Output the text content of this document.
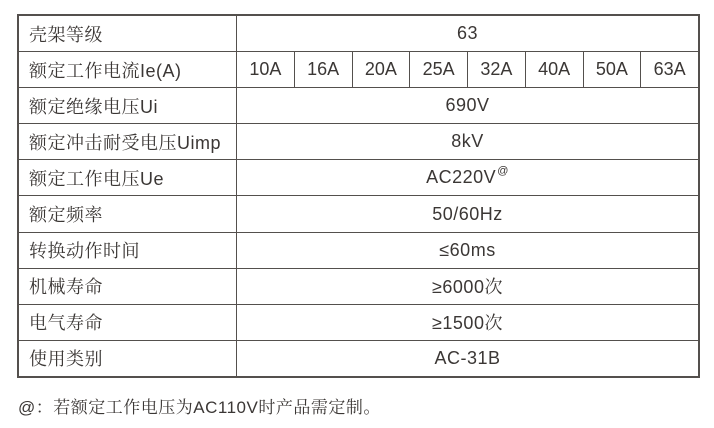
壳架等级	63
额定工作电流Ie(A)	10A	16A	20A	25A	32A	40A	50A	63A
额定绝缘电压Ui	690V
额定冲击耐受电压Uimp	8kV
额定工作电压Ue	AC220V @
额定频率	50/60Hz
转换动作时间	≤60ms
机械寿命	≥6000次
电气寿命	≥1500次
使用类别	AC-31B
@：若额定工作电压为AC110V时产品需定制。
